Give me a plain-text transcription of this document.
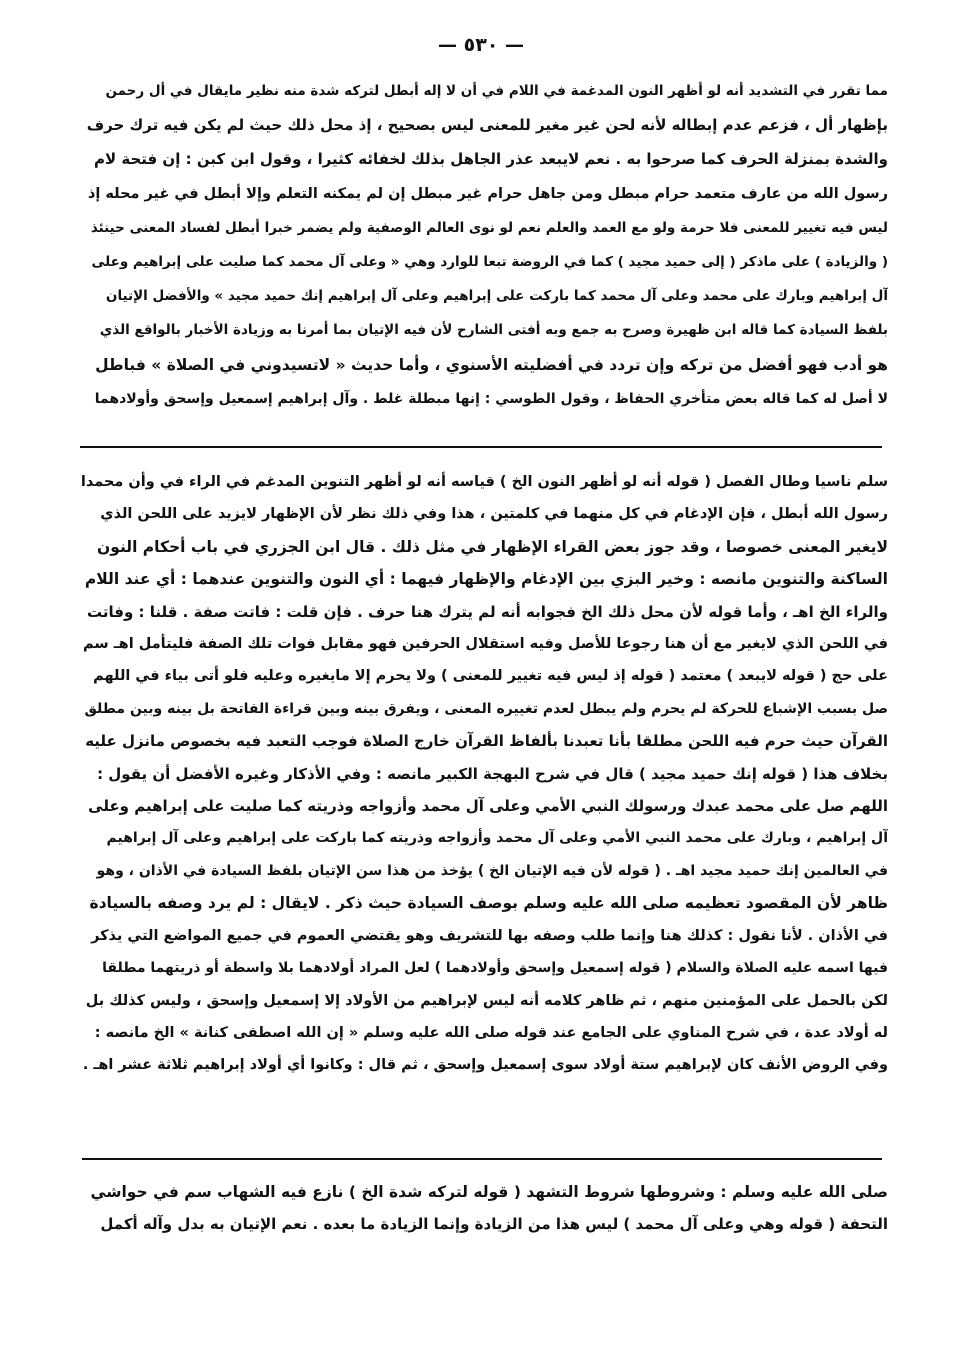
— ٥٣٠ —
مما تقرر في التشديد أنه لو أظهر النون المدغمة في اللام في أن لا إله أبطل لتركه شدة منه نظير مايقال في أل رحمن
بإظهار أل ، فزعم عدم إبطاله لأنه لحن غير مغير للمعنى ليس بصحيح ، إذ محل ذلك حيث لم يكن فيه ترك حرف
والشدة بمنزلة الحرف كما صرحوا به . نعم لايبعد عذر الجاهل بذلك لخفائه كثيرا ، وقول ابن كبن : إن فتحة لام
رسول الله من عارف متعمد حرام مبطل ومن جاهل حرام غير مبطل إن لم يمكنه التعلم وإلا أبطل في غير محله إذ
ليس فيه تغيير للمعنى فلا حرمة ولو مع العمد والعلم نعم لو نوى العالم الوصفية ولم يضمر خبرا أبطل لفساد المعنى حينئذ
( والزيادة ) على ماذكر ( إلى حميد مجيد ) كما في الروضة تبعا للوارد وهي « وعلى آل محمد كما صليت على إبراهيم وعلى
آل إبراهيم وبارك على محمد وعلى آل محمد كما باركت على إبراهيم وعلى آل إبراهيم إنك حميد مجيد » والأفضل الإتيان
بلفظ السيادة كما قاله ابن ظهيرة وصرح به جمع وبه أفتى الشارح لأن فيه الإتيان بما أمرنا به وزيادة الأخبار بالواقع الذي
هو أدب فهو أفضل من تركه وإن تردد في أفضليته الأسنوي ، وأما حديث « لاتسيدوني في الصلاة » فباطل
لا أصل له كما قاله بعض متأخري الحفاظ ، وقول الطوسي : إنها مبطلة غلط . وآل إبراهيم إسمعيل وإسحق وأولادهما
سلم ناسيا وطال الفصل ( قوله أنه لو أظهر النون الخ ) قياسه أنه لو أظهر التنوين المدغم في الراء في وأن محمدا
رسول الله أبطل ، فإن الإدغام في كل منهما في كلمتين ، هذا وفي ذلك نظر لأن الإظهار لايزيد على اللحن الذي
لايغير المعنى خصوصا ، وقد جوز بعض القراء الإظهار في مثل ذلك . قال ابن الجزري في باب أحكام النون
الساكنة والتنوين مانصه : وخير البزي بين الإدغام والإظهار فيهما : أي النون والتنوين عندهما : أي عند اللام
والراء الخ اهـ ، وأما قوله لأن محل ذلك الخ فجوابه أنه لم يترك هنا حرف . فإن قلت : فاتت صفة . قلنا : وفاتت
في اللحن الذي لايغير مع أن هنا رجوعا للأصل وفيه استقلال الحرفين فهو مقابل فوات تلك الصفة فليتأمل اهـ سم
على حج ( قوله لايبعد ) معتمد ( قوله إذ ليس فيه تغيير للمعنى ) ولا يحرم إلا مايغيره وعليه فلو أتى بياء في اللهم
صل بسبب الإشباع للحركة لم يحرم ولم يبطل لعدم تغييره المعنى ، ويفرق بينه وبين قراءة الفاتحة بل بينه وبين مطلق
القرآن حيث حرم فيه اللحن مطلقا بأنا تعبدنا بألفاظ القرآن خارج الصلاة فوجب التعبد فيه بخصوص مانزل عليه
بخلاف هذا ( قوله إنك حميد مجيد ) قال في شرح البهجة الكبير مانصه : وفي الأذكار وغيره الأفضل أن يقول :
اللهم صل على محمد عبدك ورسولك النبي الأمي وعلى آل محمد وأزواجه وذريته كما صليت على إبراهيم وعلى
آل إبراهيم ، وبارك على محمد النبي الأمي وعلى آل محمد وأزواجه وذريته كما باركت على إبراهيم وعلى آل إبراهيم
في العالمين إنك حميد مجيد اهـ . ( قوله لأن فيه الإتيان الخ ) يؤخذ من هذا سن الإتيان بلفظ السيادة في الأذان ، وهو
ظاهر لأن المقصود تعظيمه صلى الله عليه وسلم بوصف السيادة حيث ذكر . لايقال : لم يرد وصفه بالسيادة
في الأذان . لأنا نقول : كذلك هنا وإنما طلب وصفه بها للتشريف وهو يقتضي العموم في جميع المواضع التي يذكر
فيها اسمه عليه الصلاة والسلام ( قوله إسمعيل وإسحق وأولادهما ) لعل المراد أولادهما بلا واسطة أو ذريتهما مطلقا
لكن بالحمل على المؤمنين منهم ، ثم ظاهر كلامه أنه ليس لإبراهيم من الأولاد إلا إسمعيل وإسحق ، وليس كذلك بل
له أولاد عدة ، في شرح المناوي على الجامع عند قوله صلى الله عليه وسلم « إن الله اصطفى كنانة » الخ مانصه :
وفي الروض الأنف كان لإبراهيم ستة أولاد سوى إسمعيل وإسحق ، ثم قال : وكانوا أي أولاد إبراهيم ثلاثة عشر اهـ .
صلى الله عليه وسلم : وشروطها شروط التشهد ( قوله لتركه شدة الخ ) نازع فيه الشهاب سم في حواشي
التحفة ( قوله وهي وعلى آل محمد ) ليس هذا من الزيادة وإنما الزيادة ما بعده . نعم الإتيان به بدل وآله أكمل
